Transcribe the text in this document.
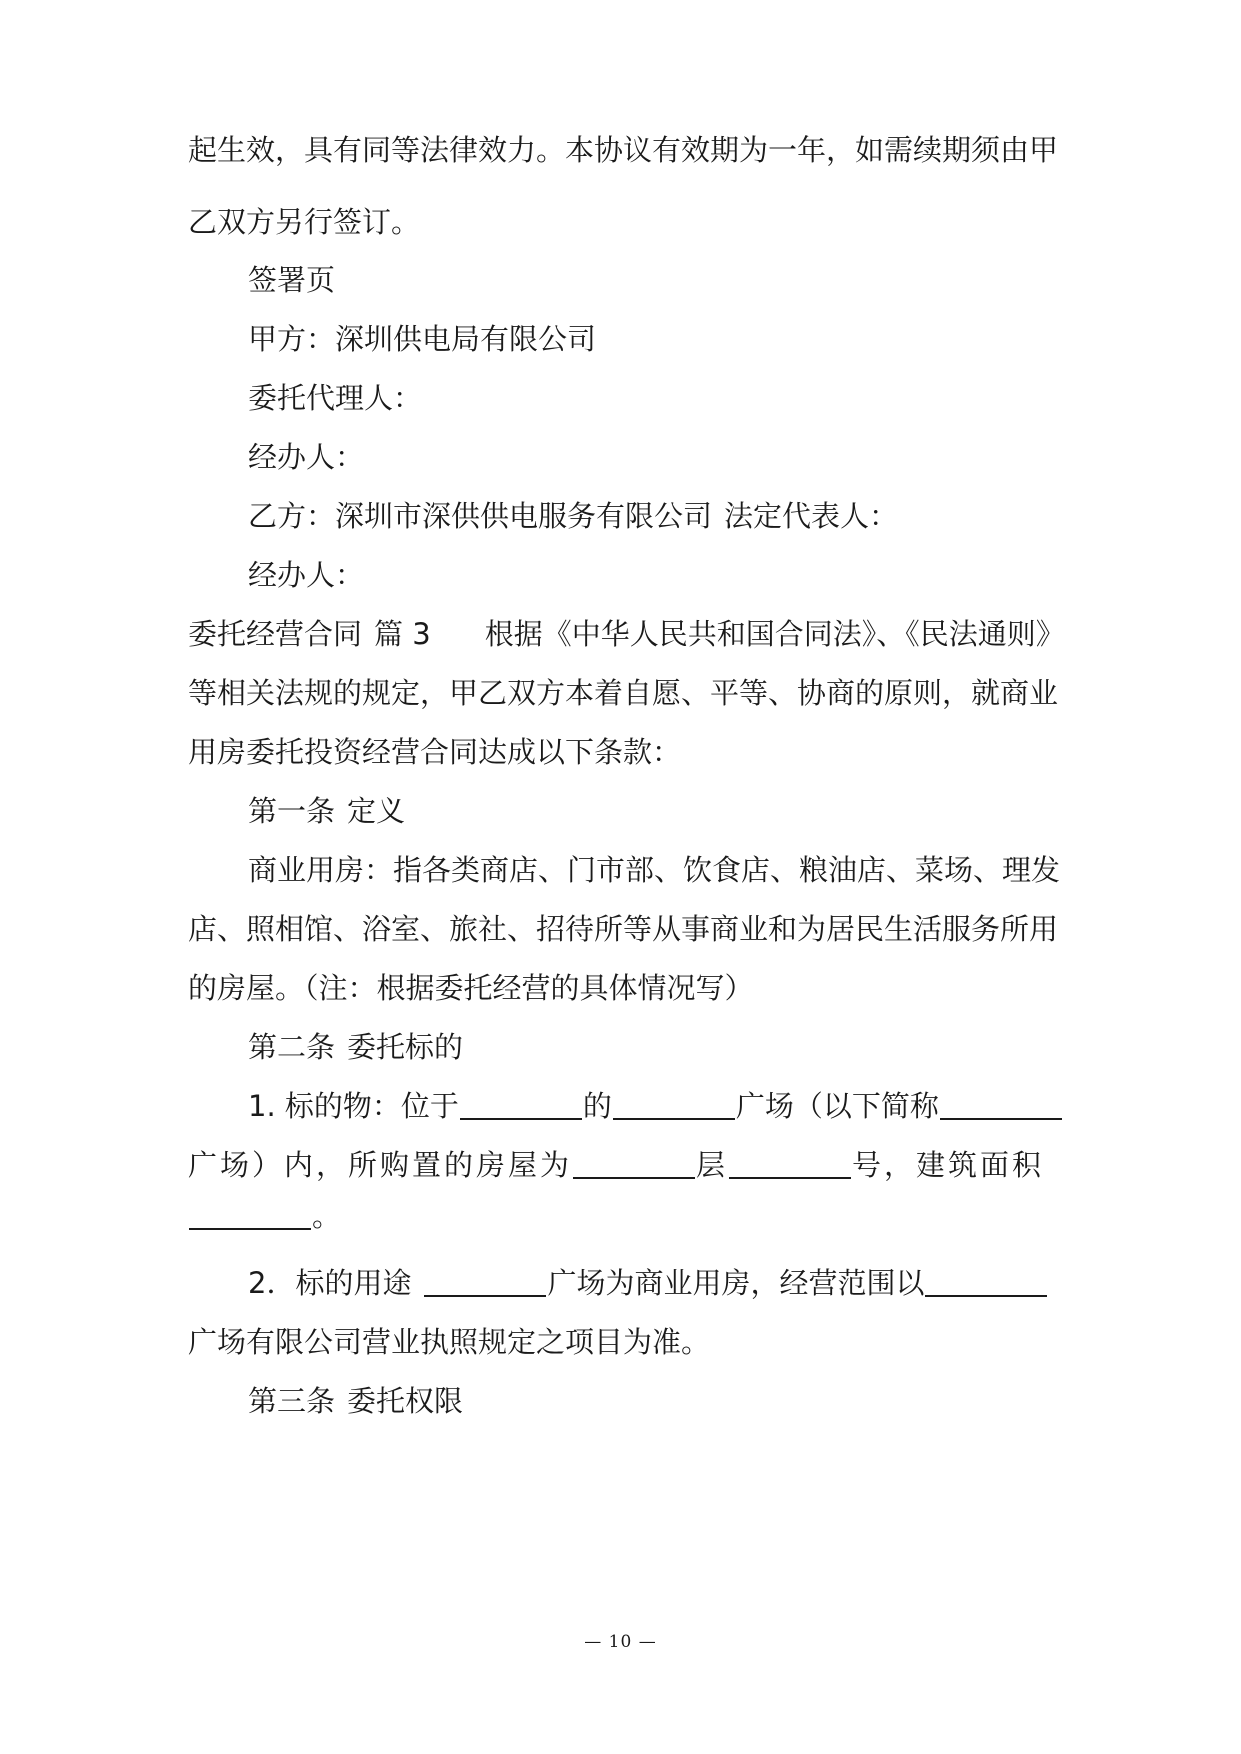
起生效，具有同等法律效力。本协议有效期为一年，如需续期须由甲
乙双方另行签订。
签署页
甲方：深圳供电局有限公司
委托代理人：
经办人：
乙方：深圳市深供供电服务有限公司 法定代表人：
经办人：
委托经营合同 篇 3 根据《中华人民共和国合同法》、《民法通则》
等相关法规的规定，甲乙双方本着自愿、平等、协商的原则，就商业
用房委托投资经营合同达成以下条款：
第一条 定义
商业用房：指各类商店、门市部、饮食店、粮油店、菜场、理发
店、照相馆、浴室、旅社、招待所等从事商业和为居民生活服务所用
的房屋。（注：根据委托经营的具体情况写）
第二条 委托标的
1. 标的物：位于	的	广场（以下简称
广场）内，所购置的房屋为	层	号，建筑面积
。
2．标的用途	广场为商业用房，经营范围以
广场有限公司营业执照规定之项目为准。
第三条 委托权限
— 10 —
